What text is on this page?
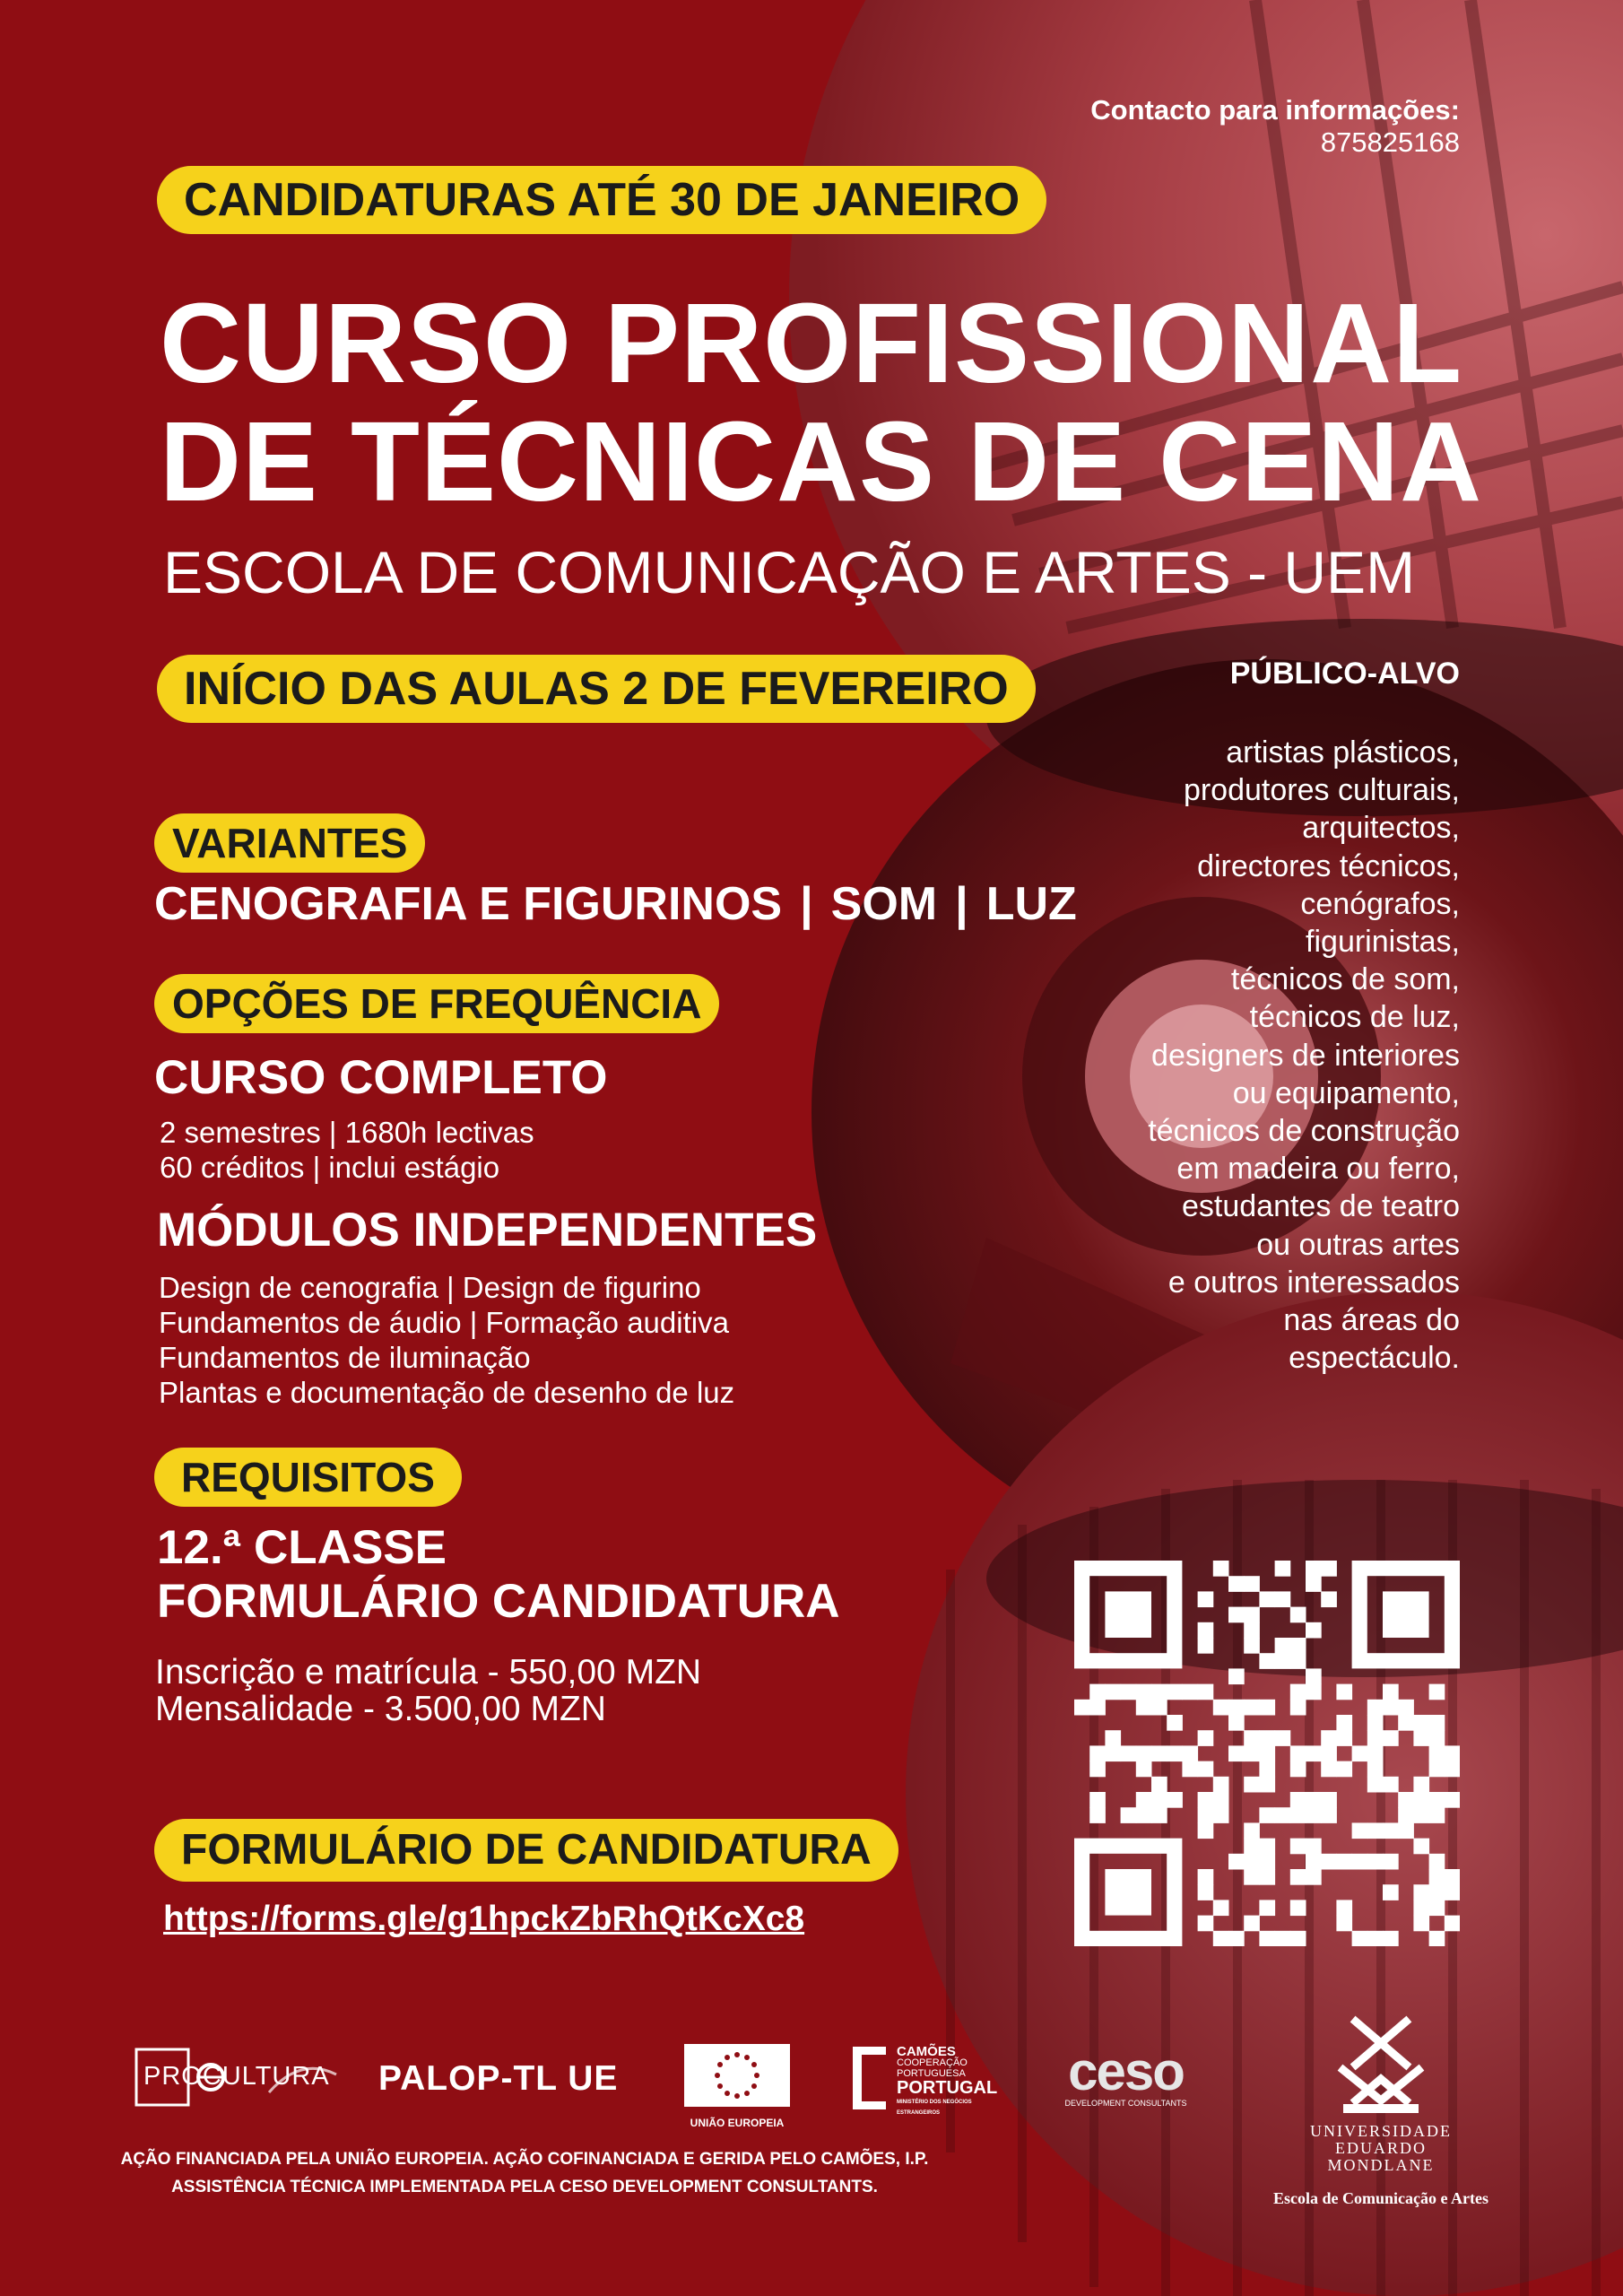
Contacto para informações:
875825168
CANDIDATURAS ATÉ 30 DE JANEIRO
CURSO PROFISSIONAL
DE TÉCNICAS DE CENA
ESCOLA DE COMUNICAÇÃO E ARTES - UEM
INÍCIO DAS AULAS 2 DE FEVEREIRO
VARIANTES
CENOGRAFIA E FIGURINOS | SOM | LUZ
OPÇÕES DE FREQUÊNCIA
CURSO COMPLETO
2 semestres | 1680h lectivas
60 créditos | inclui estágio
MÓDULOS INDEPENDENTES
Design de cenografia | Design de figurino
Fundamentos de áudio | Formação auditiva
Fundamentos de iluminação
Plantas e documentação de desenho de luz
REQUISITOS
12.ª CLASSE
FORMULÁRIO CANDIDATURA
Inscrição e matrícula - 550,00 MZN
Mensalidade - 3.500,00 MZN
FORMULÁRIO DE CANDIDATURA
https://forms.gle/g1hpckZbRhQtKcXc8
PÚBLICO-ALVO
artistas plásticos,
produtores culturais,
arquitectos,
directores técnicos,
cenógrafos,
figurinistas,
técnicos de som,
técnicos de luz,
designers de interiores
ou equipamento,
técnicos de construção
em madeira ou ferro,
estudantes de teatro
ou outras artes
e outros interessados
nas áreas do
espectáculo.
PROCULTURA PALOP-TL UE
UNIÃO EUROPEIA
CAMÕES
COOPERAÇÃO
PORTUGUESA
PORTUGAL
MINISTÉRIO DOS NEGÓCIOS ESTRANGEIROS
ceso
DEVELOPMENT CONSULTANTS
UNIVERSIDADE
EDUARDO
MONDLANE
Escola de Comunicação e Artes
AÇÃO FINANCIADA PELA UNIÃO EUROPEIA. AÇÃO COFINANCIADA E GERIDA PELO CAMÕES, I.P.
ASSISTÊNCIA TÉCNICA IMPLEMENTADA PELA CESO DEVELOPMENT CONSULTANTS.
